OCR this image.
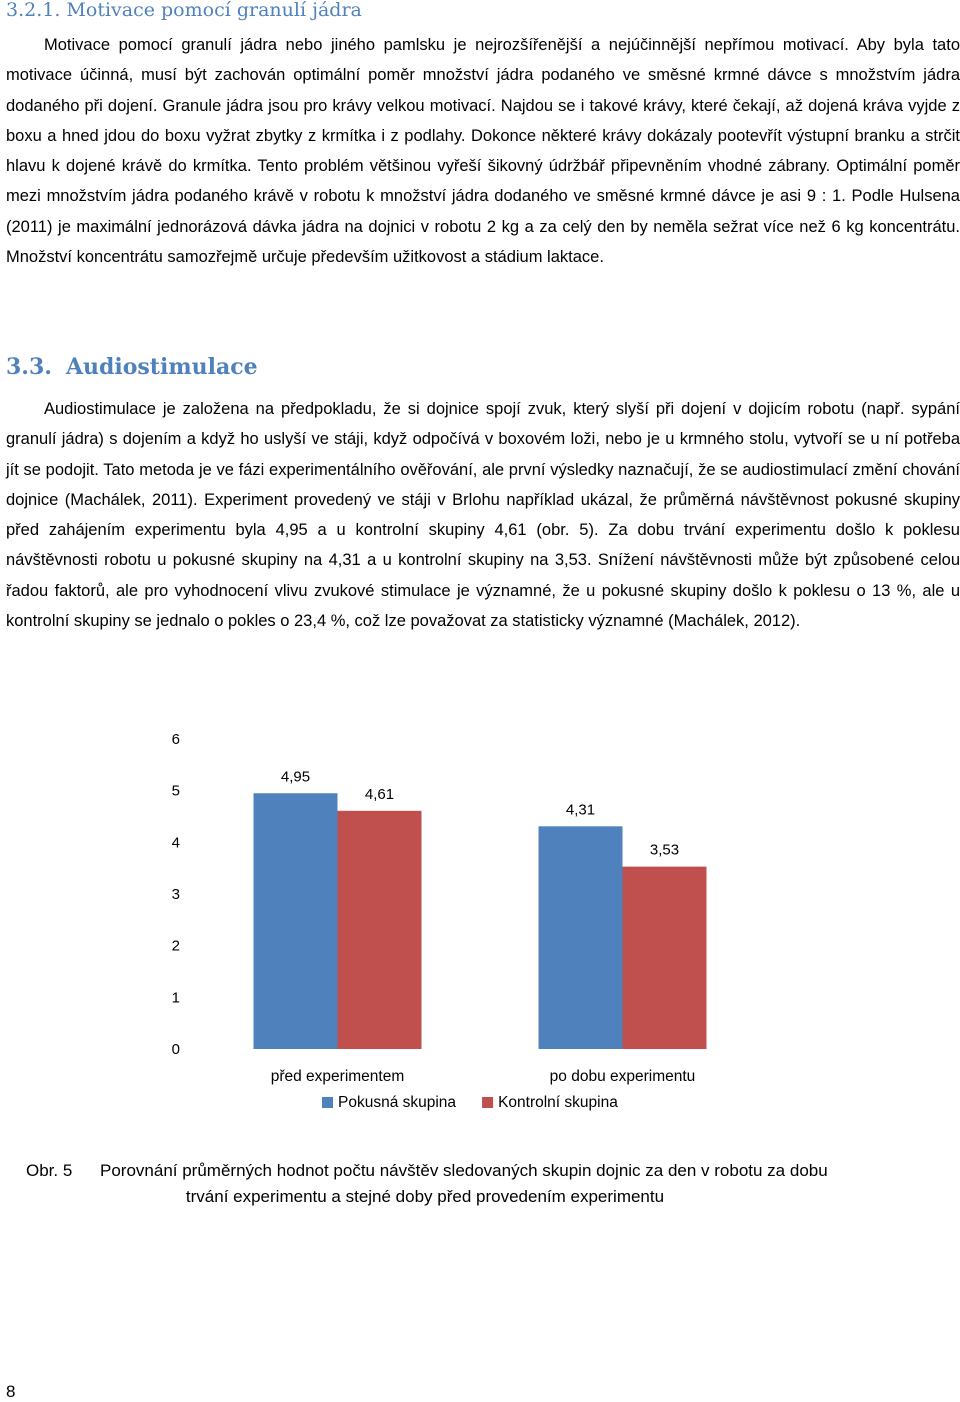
3.2.1. Motivace pomocí granulí jádra

Motivace pomocí granulí jádra nebo jiného pamlsku je nejrozšířenější a nejúčinnější nepřímou motivací. Aby byla tato motivace účinná, musí být zachován optimální poměr množství jádra podaného ve směsné krmné dávce s množstvím jádra dodaného při dojení. Granule jádra jsou pro krávy velkou motivací. Najdou se i takové krávy, které čekají, až dojená kráva vyjde z boxu a hned jdou do boxu vyžrat zbytky z krmítka i z podlahy. Dokonce některé krávy dokázaly pootevřít výstupní branku a strčit hlavu k dojené krávě do krmítka. Tento problém většinou vyřeší šikovný údržbář připevněním vhodné zábrany. Optimální poměr mezi množstvím jádra podaného krávě v robotu k množství jádra dodaného ve směsné krmné dávce je asi 9 : 1. Podle Hulsena (2011) je maximální jednorázová dávka jádra na dojnici v robotu 2 kg a za celý den by neměla sežrat více než 6 kg koncentrátu. Množství koncentrátu samozřejmě určuje především užitkovost a stádium laktace.

3.3. Audiostimulace

Audiostimulace je založena na předpokladu, že si dojnice spojí zvuk, který slyší při dojení v dojicím robotu (např. sypání granulí jádra) s dojením a když ho uslyší ve stáji, když odpočívá v boxovém loži, nebo je u krmného stolu, vytvoří se u ní potřeba jít se podojit. Tato metoda je ve fázi experimentálního ověřování, ale první výsledky naznačují, že se audiostimulací změní chování dojnice (Machálek, 2011). Experiment provedený ve stáji v Brlohu například ukázal, že průměrná návštěvnost pokusné skupiny před zahájením experimentu byla 4,95 a u kontrolní skupiny 4,61 (obr. 5). Za dobu trvání experimentu došlo k poklesu návštěvnosti robotu u pokusné skupiny na 4,31 a u kontrolní skupiny na 3,53. Snížení návštěvnosti může být způsobené celou řadou faktorů, ale pro vyhodnocení vlivu zvukové stimulace je významné, že u pokusné skupiny došlo k poklesu o 13 %, ale u kontrolní skupiny se jednalo o pokles o 23,4 %, což lze považovat za statisticky významné (Machálek, 2012).

0
1
2
3
4
5
6
4,95
4,61
před experimentem
4,31
3,53
po dobu experimentu
Pokusná skupina	Kontrolní skupina

Obr. 5 Porovnání průměrných hodnot počtu návštěv sledovaných skupin dojnic za den v robotu za dobu
trvání experimentu a stejné doby před provedením experimentu

8
